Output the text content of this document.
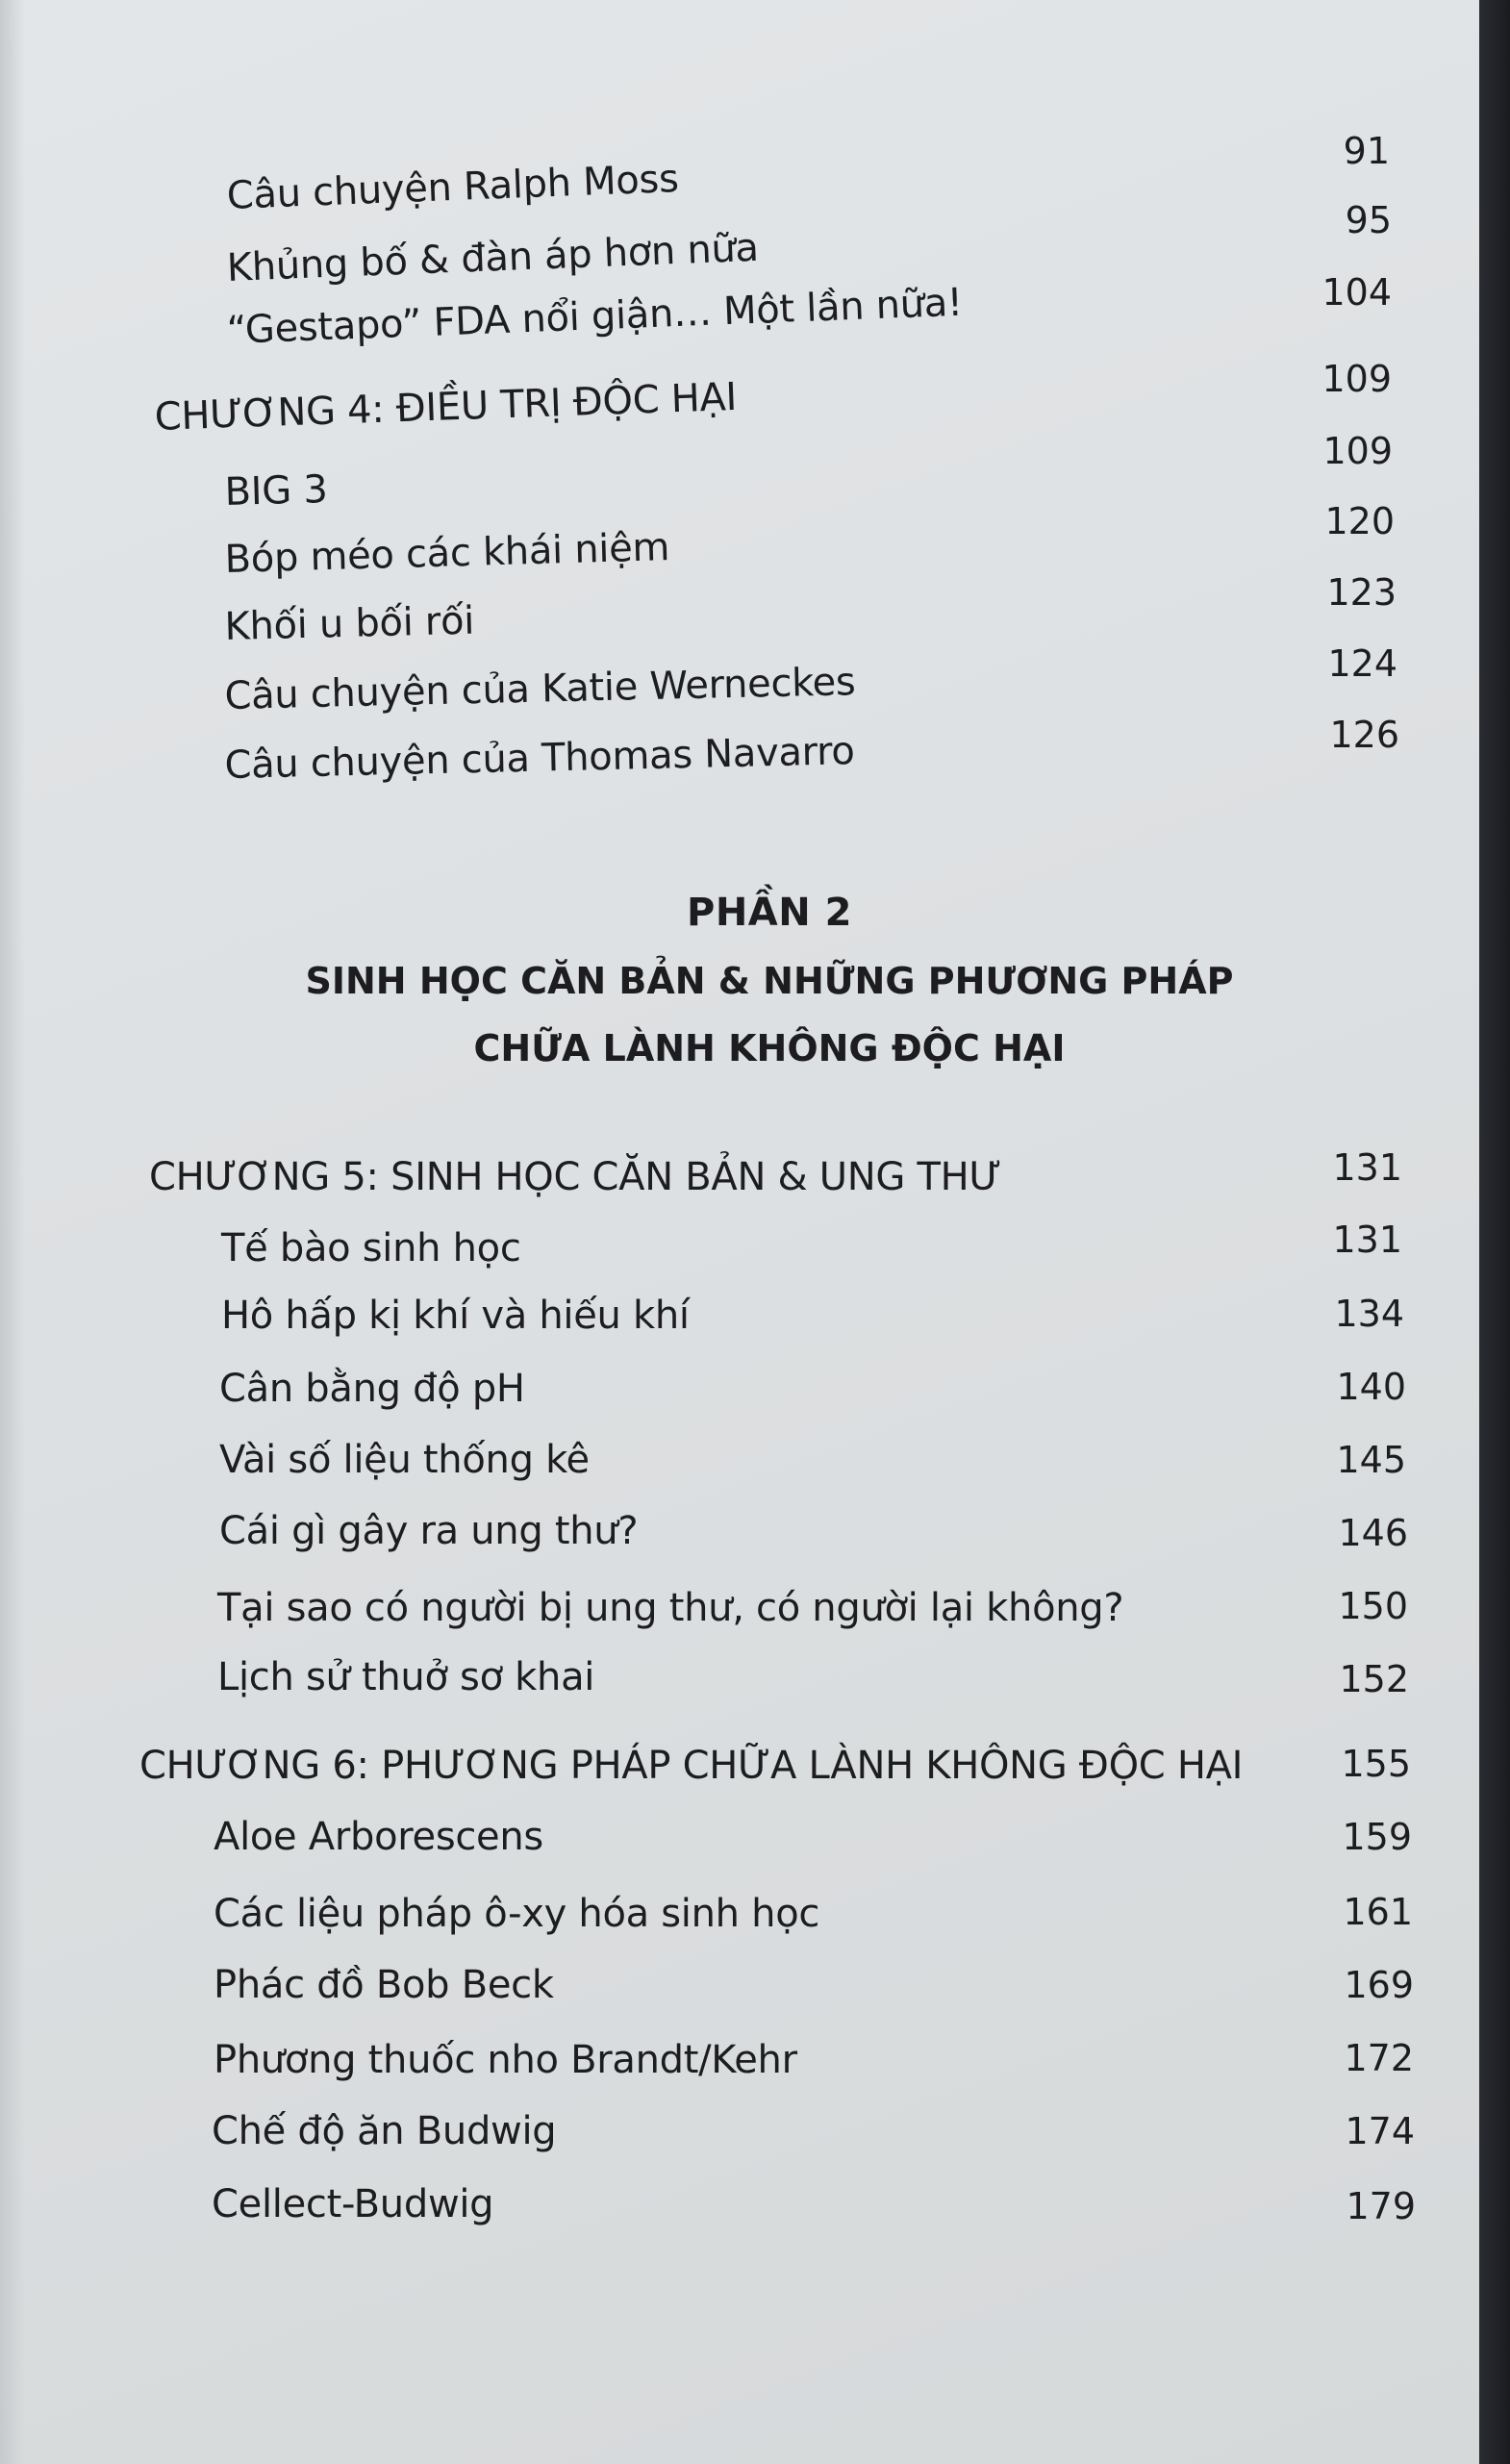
Câu chuyện Ralph Moss
Khủng bố & đàn áp hơn nữa
“Gestapo” FDA nổi giận… Một lần nữa!
CHƯƠNG 4: ĐIỀU TRỊ ĐỘC HẠI
BIG 3
Bóp méo các khái niệm
Khối u bối rối
Câu chuyện của Katie Werneckes
Câu chuyện của Thomas Navarro
91
95
104
109
109
120
123
124
126
PHẦN 2
SINH HỌC CĂN BẢN & NHỮNG PHƯƠNG PHÁP
CHỮA LÀNH KHÔNG ĐỘC HẠI
CHƯƠNG 5: SINH HỌC CĂN BẢN & UNG THƯ
Tế bào sinh học
Hô hấp kị khí và hiếu khí
Cân bằng độ pH
Vài số liệu thống kê
Cái gì gây ra ung thư?
Tại sao có người bị ung thư, có người lại không?
Lịch sử thuở sơ khai
CHƯƠNG 6: PHƯƠNG PHÁP CHỮA LÀNH KHÔNG ĐỘC HẠI
Aloe Arborescens
Các liệu pháp ô-xy hóa sinh học
Phác đồ Bob Beck
Phương thuốc nho Brandt/Kehr
Chế độ ăn Budwig
Cellect-Budwig
131
131
134
140
145
146
150
152
155
159
161
169
172
174
179
